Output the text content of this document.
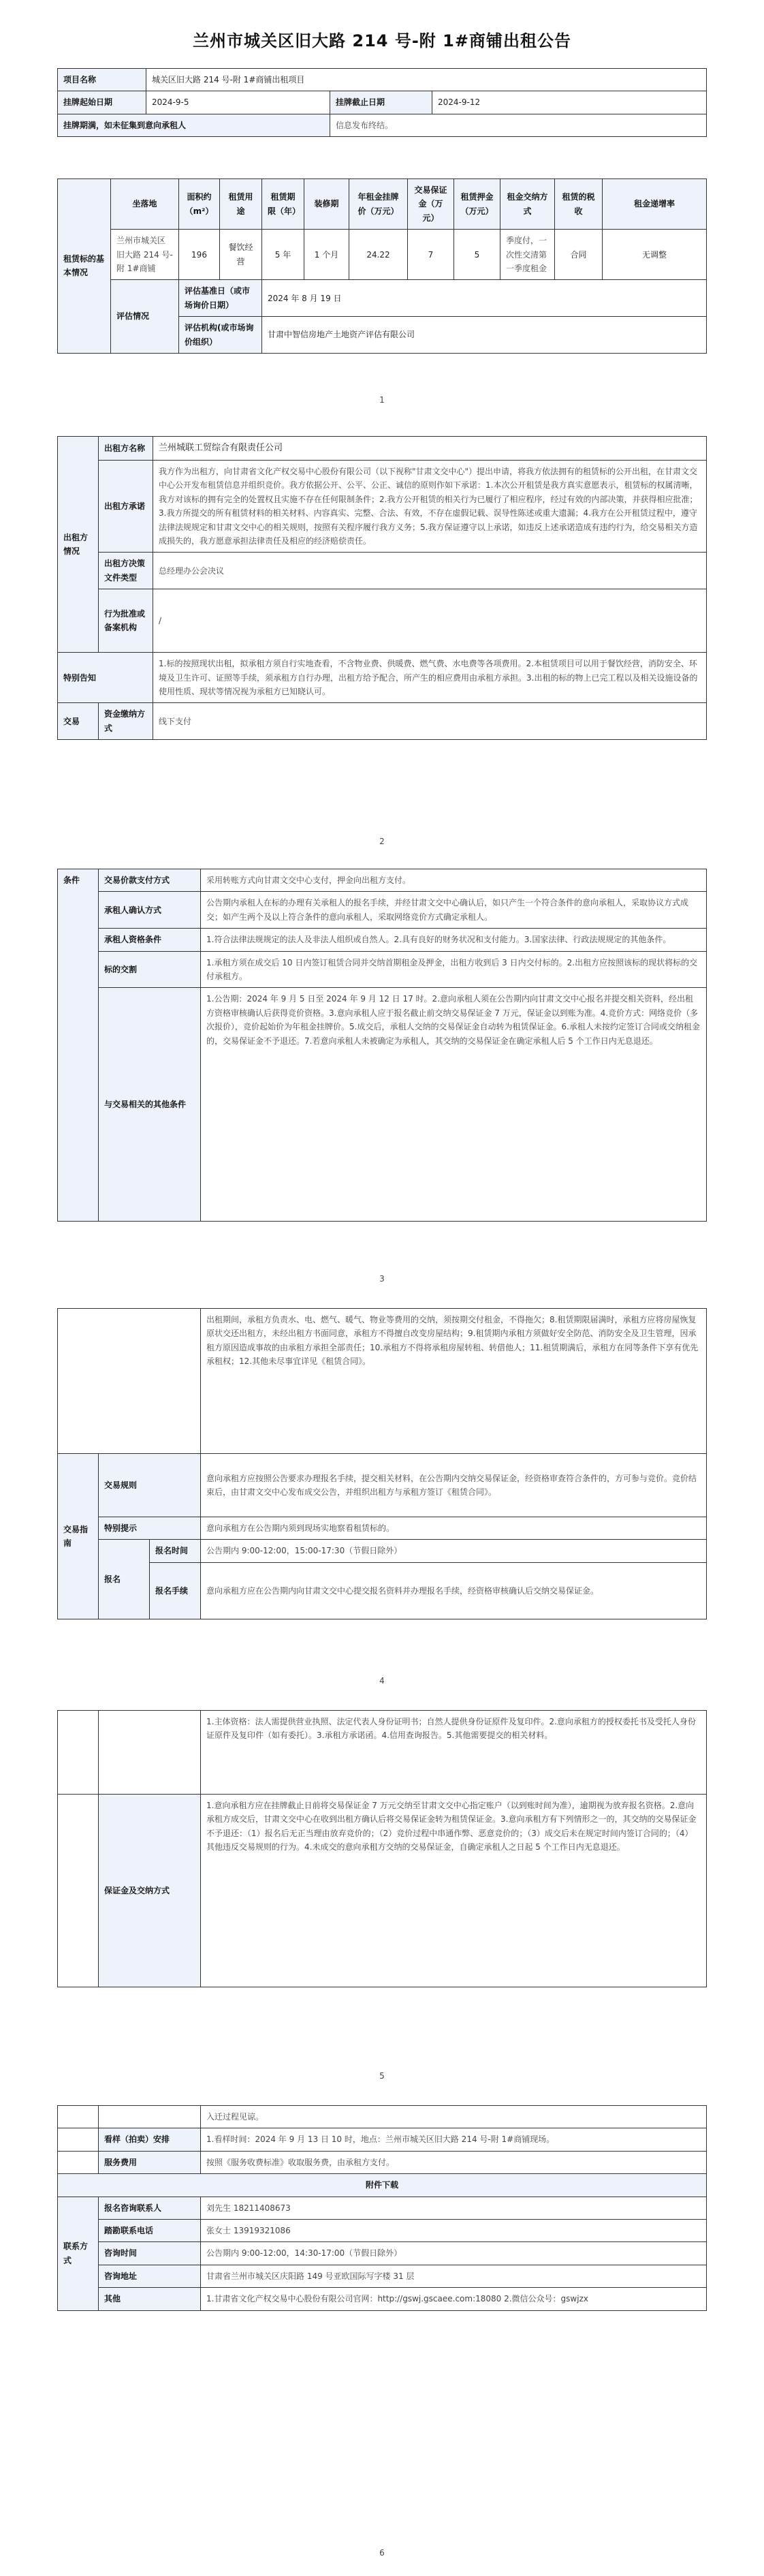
兰州市城关区旧大路 214 号-附 1#商铺出租公告
项目名称	城关区旧大路 214 号-附 1#商铺出租项目		
挂牌起始日期	2024-9-5	挂牌截止日期	2024-9-12
挂牌期满，如未征集到意向承租人		信息发布终结。	
租赁标的基本情况	坐落地	面积约（m²）	租赁用途	租赁期限（年）	装修期	年租金挂牌价（万元）	交易保证金（万元）	租赁押金（万元）	租金交纳方式	租赁的税收	租金递增率
	兰州市城关区旧大路 214 号-附 1#商铺	196	餐饮经营	5 年	1 个月	24.22	7	5	季度付，一次性交清第一季度租金	合同	无调整
	评估情况	评估基准日（或市场询价日期）		2024 年 8 月 19 日							
		评估机构(或市场询价组织）		甘肃中智信房地产土地资产评估有限公司							
1
出租方情况	出租方名称	兰州城联工贸综合有限责任公司
	出租方承诺	我方作为出租方，向甘肃省文化产权交易中心股份有限公司（以下视称"甘肃文交中心"）提出申请，将我方依法拥有的租赁标的公开出租，在甘肃文交中心公开发布租赁信息并组织竞价。我方依据公开、公平、公正、诚信的原则作如下承诺：1.本次公开租赁是我方真实意愿表示，租赁标的权属清晰，我方对该标的拥有完全的处置权且实施不存在任何限制条件；2.我方公开租赁的相关行为已履行了相应程序，经过有效的内部决策，并获得相应批准；3.我方所提交的所有租赁材料的相关材料、内容真实、完整、合法、有效，不存在虚假记载、误导性陈述或重大遗漏；4.我方在公开租赁过程中，遵守法律法规规定和甘肃文交中心的相关规则，按照有关程序履行我方义务；5.我方保证遵守以上承诺，如违反上述承诺造成有违约行为，给交易相关方造成损失的，我方愿意承担法律责任及相应的经济赔偿责任。
	出租方决策文件类型	总经理办公会决议
	行为批准或备案机构	/
特别告知		1.标的按照现状出租，拟承租方须自行实地查看，不含物业费、供暖费、燃气费、水电费等各项费用。2.本租赁项目可以用于餐饮经营，消防安全、环境及卫生许可、证照等手续，须承租方自行办理，出租方给予配合，所产生的相应费用由承租方承担。3.出租的标的物上已完工程以及相关设施设备的使用性质、现状等情况视为承租方已知晓认可。
交易	资金缴纳方式	线下支付
2
条件	交易价款支付方式	采用转账方式向甘肃文交中心支付，押金向出租方支付。
	承租人确认方式	公告期内承租人在标的办理有关承租人的报名手续，并经甘肃文交中心确认后，如只产生一个符合条件的意向承租人，采取协议方式成交；如产生两个及以上符合条件的意向承租人，采取网络竞价方式确定承租人。
	承租人资格条件	1.符合法律法规规定的法人及非法人组织或自然人。2.具有良好的财务状况和支付能力。3.国家法律、行政法规规定的其他条件。
	标的交割	1.承租方须在成交后 10 日内签订租赁合同并交纳首期租金及押金，出租方收到后 3 日内交付标的。2.出租方应按照该标的现状将标的交付承租方。
	与交易相关的其他条件	1.公告期：2024 年 9 月 5 日至 2024 年 9 月 12 日 17 时。2.意向承租人须在公告期内向甘肃文交中心报名并提交相关资料，经出租方资格审核确认后获得竞价资格。3.意向承租人应于报名截止前交纳交易保证金 7 万元，保证金以到账为准。4.竞价方式：网络竞价（多次报价），竞价起始价为年租金挂牌价。5.成交后，承租人交纳的交易保证金自动转为租赁保证金。6.承租人未按约定签订合同或交纳租金的，交易保证金不予退还。7.若意向承租人未被确定为承租人，其交纳的交易保证金在确定承租人后 5 个工作日内无息退还。
3
			出租期间，承租方负责水、电、燃气、暖气、物业等费用的交纳，须按期交付租金，不得拖欠；8.租赁期限届满时，承租方应将房屋恢复原状交还出租方，未经出租方书面同意，承租方不得擅自改变房屋结构；9.租赁期内承租方须做好安全防范、消防安全及卫生管理，因承租方原因造成事故的由承租方承担全部责任；10.承租方不得将承租房屋转租、转借他人；11.租赁期满后，承租方在同等条件下享有优先承租权；12.其他未尽事宜详见《租赁合同》。
交易指南	交易规则		意向承租方应按照公告要求办理报名手续，提交相关材料，在公告期内交纳交易保证金，经资格审查符合条件的，方可参与竞价。竞价结束后，由甘肃文交中心发布成交公告，并组织出租方与承租方签订《租赁合同》。
	特别提示		意向承租方在公告期内须到现场实地察看租赁标的。
	报名	报名时间	公告期内 9:00-12:00，15:00-17:30（节假日除外）
		报名手续	意向承租方应在公告期内向甘肃文交中心提交报名资料并办理报名手续，经资格审核确认后交纳交易保证金。
4
		1.主体资格：法人需提供营业执照、法定代表人身份证明书；自然人提供身份证原件及复印件。2.意向承租方的授权委托书及受托人身份证原件及复印件（如有委托）。3.承租方承诺函。4.信用查询报告。5.其他需要提交的相关材料。
	保证金及交纳方式	1.意向承租方应在挂牌截止日前将交易保证金 7 万元交纳至甘肃文交中心指定账户（以到账时间为准），逾期视为放弃报名资格。2.意向承租方成交后，甘肃文交中心在收到出租方确认后将交易保证金转为租赁保证金。3.意向承租方有下列情形之一的，其交纳的交易保证金不予退还：（1）报名后无正当理由放弃竞价的；（2）竞价过程中串通作弊、恶意竞价的；（3）成交后未在规定时间内签订合同的；（4）其他违反交易规则的行为。4.未成交的意向承租方交纳的交易保证金，自确定承租人之日起 5 个工作日内无息退还。
5
		入迁过程见谅。
	看样（拍卖）安排	1.看样时间：2024 年 9 月 13 日 10 时，地点：兰州市城关区旧大路 214 号-附 1#商铺现场。
	服务费用	按照《服务收费标准》收取服务费，由承租方支付。
附件下载		
联系方式	报名咨询联系人	刘先生 18211408673
	踏勘联系电话	张女士 13919321086
	咨询时间	公告期内 9:00-12:00，14:30-17:00（节假日除外）
	咨询地址	甘肃省兰州市城关区庆阳路 149 号亚欧国际写字楼 31 层
	其他	1.甘肃省文化产权交易中心股份有限公司官网：http://gswj.gscaee.com:18080 2.微信公众号：gswjzx
6
